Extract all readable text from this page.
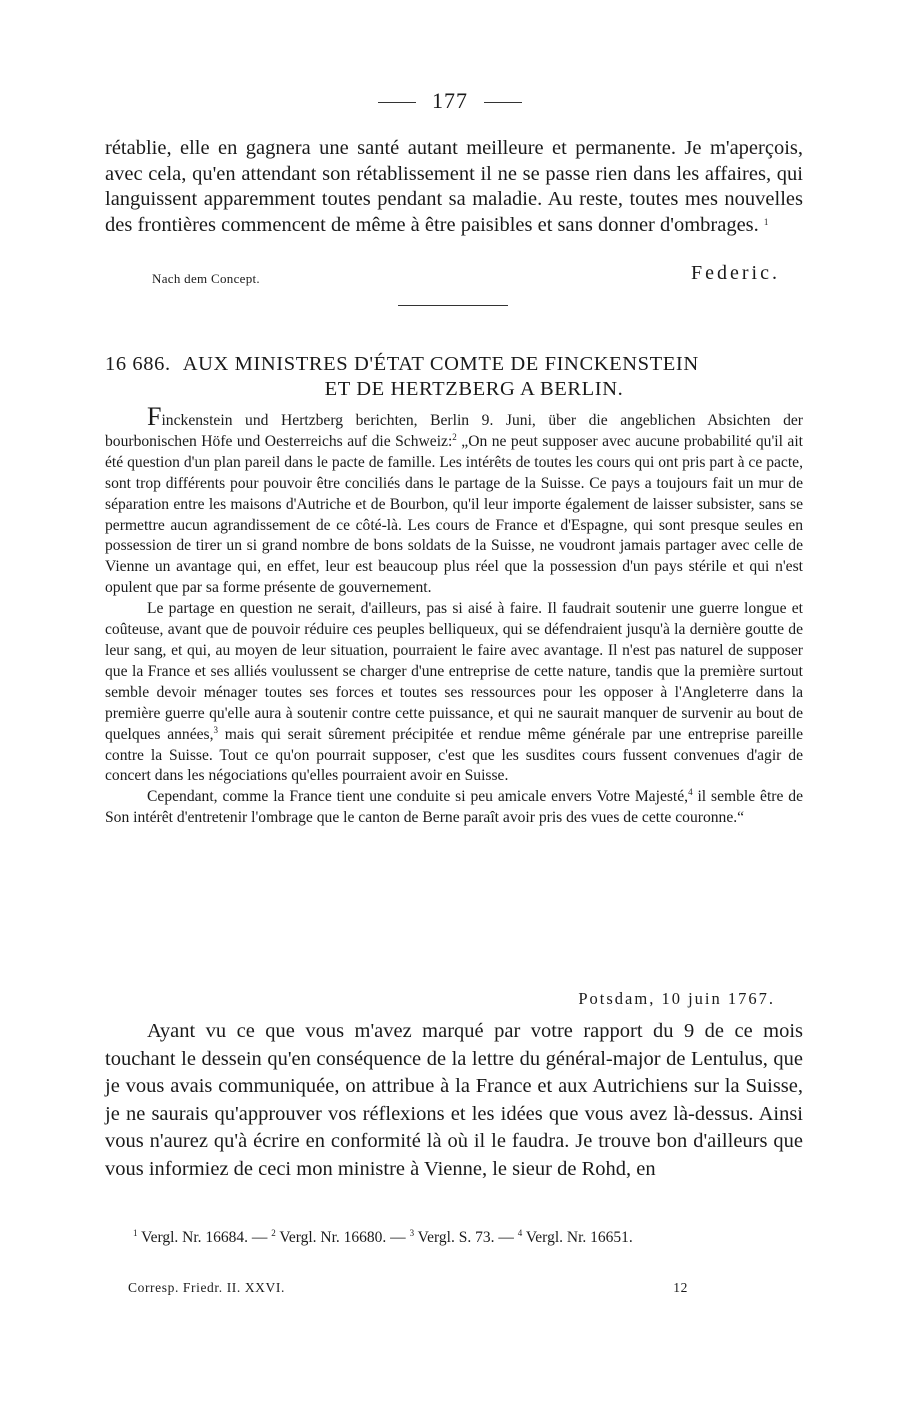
177

rétablie, elle en gagnera une santé autant meilleure et permanente. Je m'aperçois, avec cela, qu'en attendant son rétablissement il ne se passe rien dans les affaires, qui languissent apparemment toutes pendant sa maladie. Au reste, toutes mes nouvelles des frontières commencent de même à être paisibles et sans donner d'ombrages. $^1$

Nach dem Concept.	Federic.
16 686. AUX MINISTRES D'ÉTAT COMTE DE FINCKENSTEIN
ET DE HERTZBERG A BERLIN.

Finckenstein und Hertzberg berichten, Berlin 9. Juni, über die angeblichen Absichten der bourbonischen Höfe und Oesterreichs auf die Schweiz:$^2$ „On ne peut supposer avec aucune probabilité qu'il ait été question d'un plan pareil dans le pacte de famille. Les intérêts de toutes les cours qui ont pris part à ce pacte, sont trop différents pour pouvoir être conciliés dans le partage de la Suisse. Ce pays a toujours fait un mur de séparation entre les maisons d'Autriche et de Bourbon, qu'il leur importe également de laisser subsister, sans se permettre aucun agrandissement de ce côté-là. Les cours de France et d'Espagne, qui sont presque seules en possession de tirer un si grand nombre de bons soldats de la Suisse, ne voudront jamais partager avec celle de Vienne un avantage qui, en effet, leur est beaucoup plus réel que la possession d'un pays stérile et qui n'est opulent que par sa forme présente de gouvernement.

Le partage en question ne serait, d'ailleurs, pas si aisé à faire. Il faudrait soutenir une guerre longue et coûteuse, avant que de pouvoir réduire ces peuples belliqueux, qui se défendraient jusqu'à la dernière goutte de leur sang, et qui, au moyen de leur situation, pourraient le faire avec avantage. Il n'est pas naturel de supposer que la France et ses alliés voulussent se charger d'une entreprise de cette nature, tandis que la première surtout semble devoir ménager toutes ses forces et toutes ses ressources pour les opposer à l'Angleterre dans la première guerre qu'elle aura à soutenir contre cette puissance, et qui ne saurait manquer de survenir au bout de quelques années,$^3$ mais qui serait sûrement précipitée et rendue même générale par une entreprise pareille contre la Suisse. Tout ce qu'on pourrait supposer, c'est que les susdites cours fussent convenues d'agir de concert dans les négociations qu'elles pourraient avoir en Suisse.

Cependant, comme la France tient une conduite si peu amicale envers Votre Majesté,$^4$ il semble être de Son intérêt d'entretenir l'ombrage que le canton de Berne paraît avoir pris des vues de cette couronne.“

Potsdam, 10 juin 1767.

Ayant vu ce que vous m'avez marqué par votre rapport du 9 de ce mois touchant le dessein qu'en conséquence de la lettre du général-major de Lentulus, que je vous avais communiquée, on attribue à la France et aux Autrichiens sur la Suisse, je ne saurais qu'approuver vos réflexions et les idées que vous avez là-dessus. Ainsi vous n'aurez qu'à écrire en conformité là où il le faudra. Je trouve bon d'ailleurs que vous informiez de ceci mon ministre à Vienne, le sieur de Rohd, en

$^1$ Vergl. Nr. 16684. — $^2$ Vergl. Nr. 16680. — $^3$ Vergl. S. 73. — $^4$ Vergl. Nr. 16651.

Corresp. Friedr. II. XXVI.	12
